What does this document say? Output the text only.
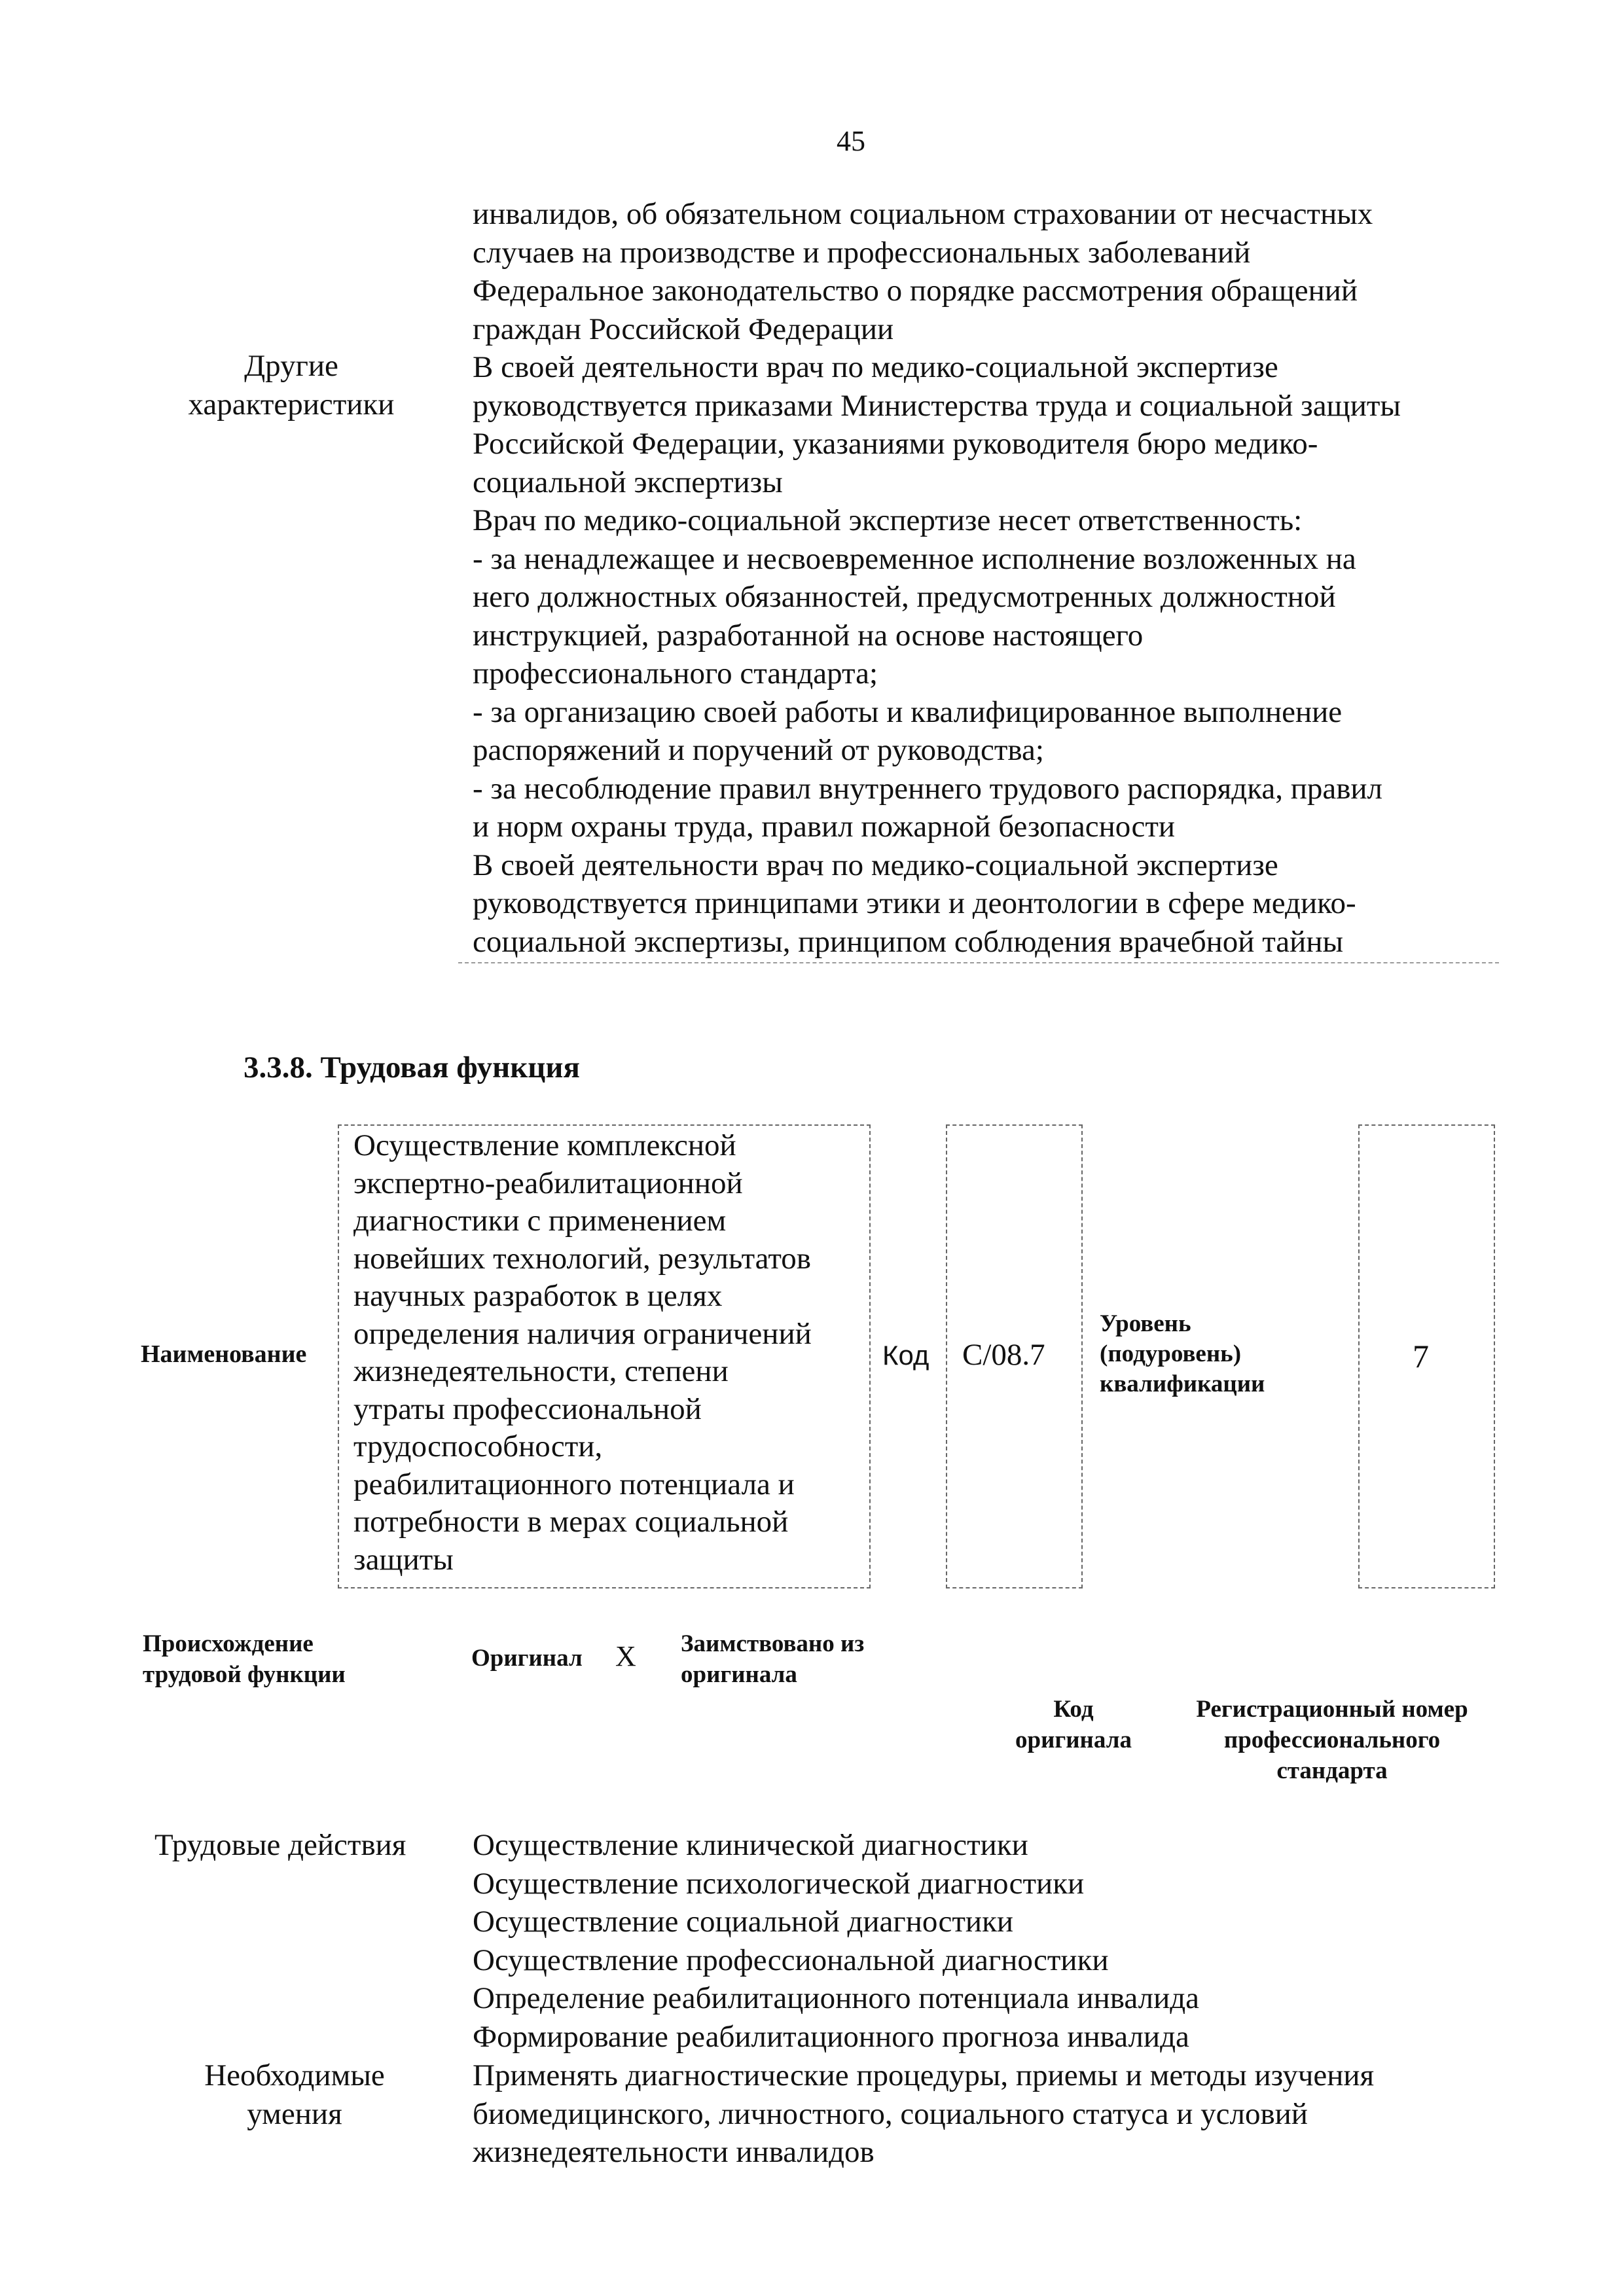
45
Другие
характеристики
инвалидов, об обязательном социальном страховании от несчастных
случаев на производстве и профессиональных заболеваний
Федеральное законодательство о порядке рассмотрения обращений
граждан Российской Федерации
В своей деятельности врач по медико-социальной экспертизе
руководствуется приказами Министерства труда и социальной защиты
Российской Федерации, указаниями руководителя бюро медико-
социальной экспертизы
Врач по медико-социальной экспертизе несет ответственность:
- за ненадлежащее и несвоевременное исполнение возложенных на
него должностных обязанностей, предусмотренных должностной
инструкцией, разработанной на основе настоящего
профессионального стандарта;
- за организацию своей работы и квалифицированное выполнение
распоряжений и поручений от руководства;
- за несоблюдение правил внутреннего трудового распорядка, правил
и норм охраны труда, правил пожарной безопасности
В своей деятельности врач по медико-социальной экспертизе
руководствуется принципами этики и деонтологии в сфере медико-
социальной экспертизы, принципом соблюдения врачебной тайны
3.3.8. Трудовая функция
Наименование
Осуществление комплексной
экспертно-реабилитационной
диагностики с применением
новейших технологий, результатов
научных разработок в целях
определения наличия ограничений
жизнедеятельности, степени
утраты профессиональной
трудоспособности,
реабилитационного потенциала и
потребности в мерах социальной
защиты
Код C/08.7
Уровень
(подуровень)
квалификации
7
Происхождение
трудовой функции
Оригинал X Заимствовано из
оригинала
Код
оригинала
Регистрационный номер
профессионального
стандарта
Трудовые действия Осуществление клинической диагностики
Осуществление психологической диагностики
Осуществление социальной диагностики
Осуществление профессиональной диагностики
Определение реабилитационного потенциала инвалида
Формирование реабилитационного прогноза инвалида
Необходимые
умения
Применять диагностические процедуры, приемы и методы изучения
биомедицинского, личностного, социального статуса и условий
жизнедеятельности инвалидов
